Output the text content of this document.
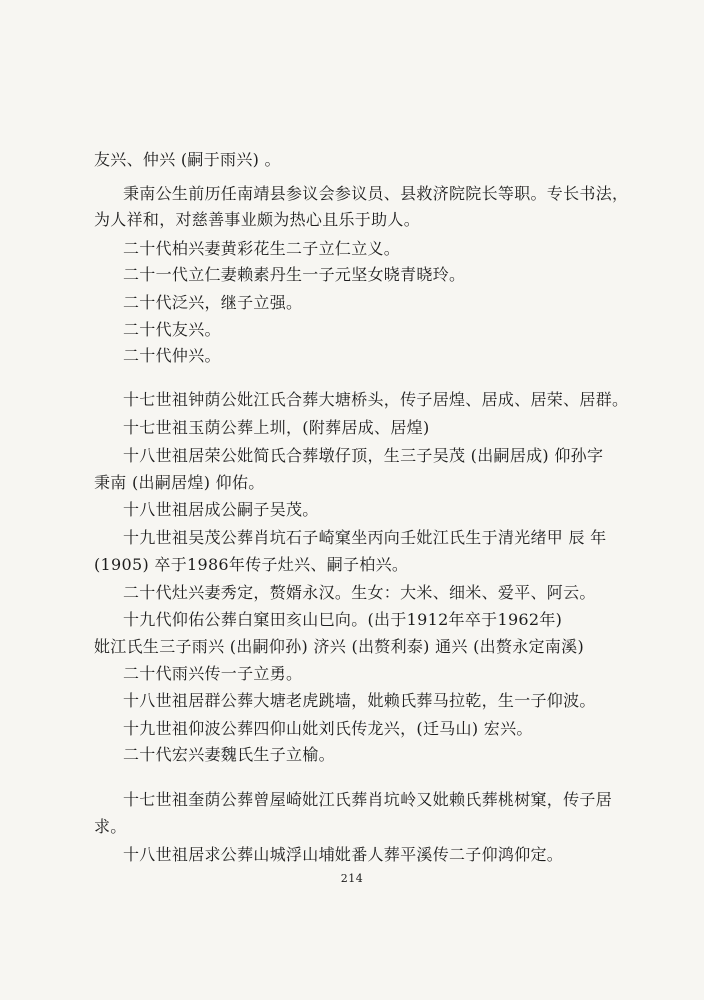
友兴、仲兴 (嗣于雨兴) 。
秉南公生前历任南靖县参议会参议员、县救济院院长等职。专长书法，
为人祥和，对慈善事业颇为热心且乐于助人。
二十代柏兴妻黄彩花生二子立仁立义。
二十一代立仁妻赖素丹生一子元坚女晓青晓玲。
二十代泛兴，继子立强。
二十代友兴。
二十代仲兴。
十七世祖钟荫公妣江氏合葬大塘桥头，传子居煌、居成、居荣、居群。
十七世祖玉荫公葬上圳，(附葬居成、居煌)
十八世祖居荣公妣简氏合葬墩仔顶，生三子吴茂 (出嗣居成) 仰孙字
秉南 (出嗣居煌) 仰佑。
十八世祖居成公嗣子吴茂。
十九世祖吴茂公葬肖坑石子崎窠坐丙向壬妣江氏生于清光绪甲 辰 年
(1905) 卒于1986年传子灶兴、嗣子柏兴。
二十代灶兴妻秀定，赘婿永汉。生女：大米、细米、爱平、阿云。
十九代仰佑公葬白窠田亥山巳向。(出于1912年卒于1962年)
妣江氏生三子雨兴 (出嗣仰孙) 济兴 (出赘利泰) 通兴 (出赘永定南溪)
二十代雨兴传一子立勇。
十八世祖居群公葬大塘老虎跳墙，妣赖氏葬马拉乾，生一子仰波。
十九世祖仰波公葬四仰山妣刘氏传龙兴，(迁马山) 宏兴。
二十代宏兴妻魏氏生子立榆。
十七世祖奎荫公葬曾屋崎妣江氏葬肖坑岭又妣赖氏葬桃树窠，传子居
求。
十八世祖居求公葬山城浮山埔妣番人葬平溪传二子仰鸿仰定。
214
